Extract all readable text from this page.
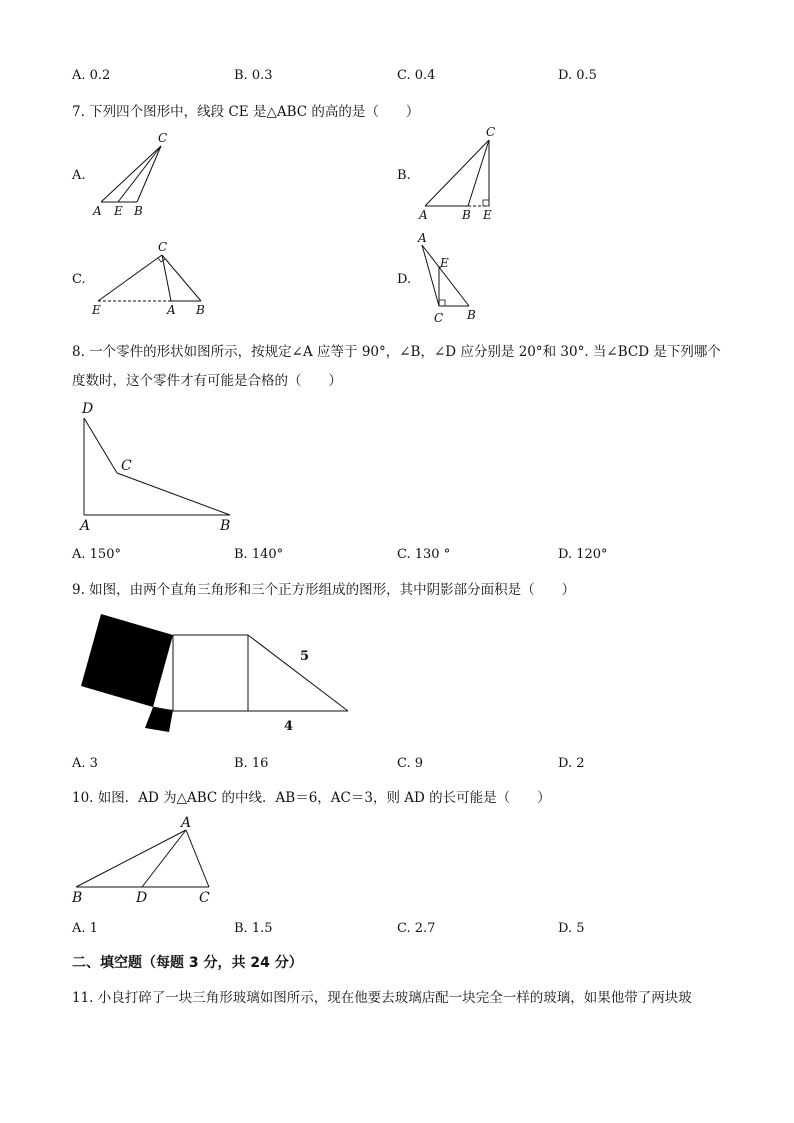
A. 0.2	B. 0.3	C. 0.4	D. 0.5
7. 下列四个图形中，线段 CE 是△ABC 的高的是（　　）
A.
A E B
C
B.
A	B E
C
C.
E	A B
C
D.
A
E
C B
8. 一个零件的形状如图所示，按规定∠A 应等于 90°，∠B，∠D 应分别是 20°和 30°. 当∠BCD 是下列哪个
度数时，这个零件才有可能是合格的（　　）
D
C
A	B
A. 150°	B. 140°	C. 130 °	D. 120°
9. 如图，由两个直角三角形和三个正方形组成的图形，其中阴影部分面积是（　　）
5
4
A. 3	B. 16	C. 9	D. 2
10. 如图．AD 为△ABC 的中线．AB＝6，AC＝3，则 AD 的长可能是（　　）
A
B	D	C
A. 1	B. 1.5	C. 2.7	D. 5
二、填空题（每题 3 分，共 24 分）
11. 小良打碎了一块三角形玻璃如图所示，现在他要去玻璃店配一块完全一样的玻璃，如果他带了两块玻
